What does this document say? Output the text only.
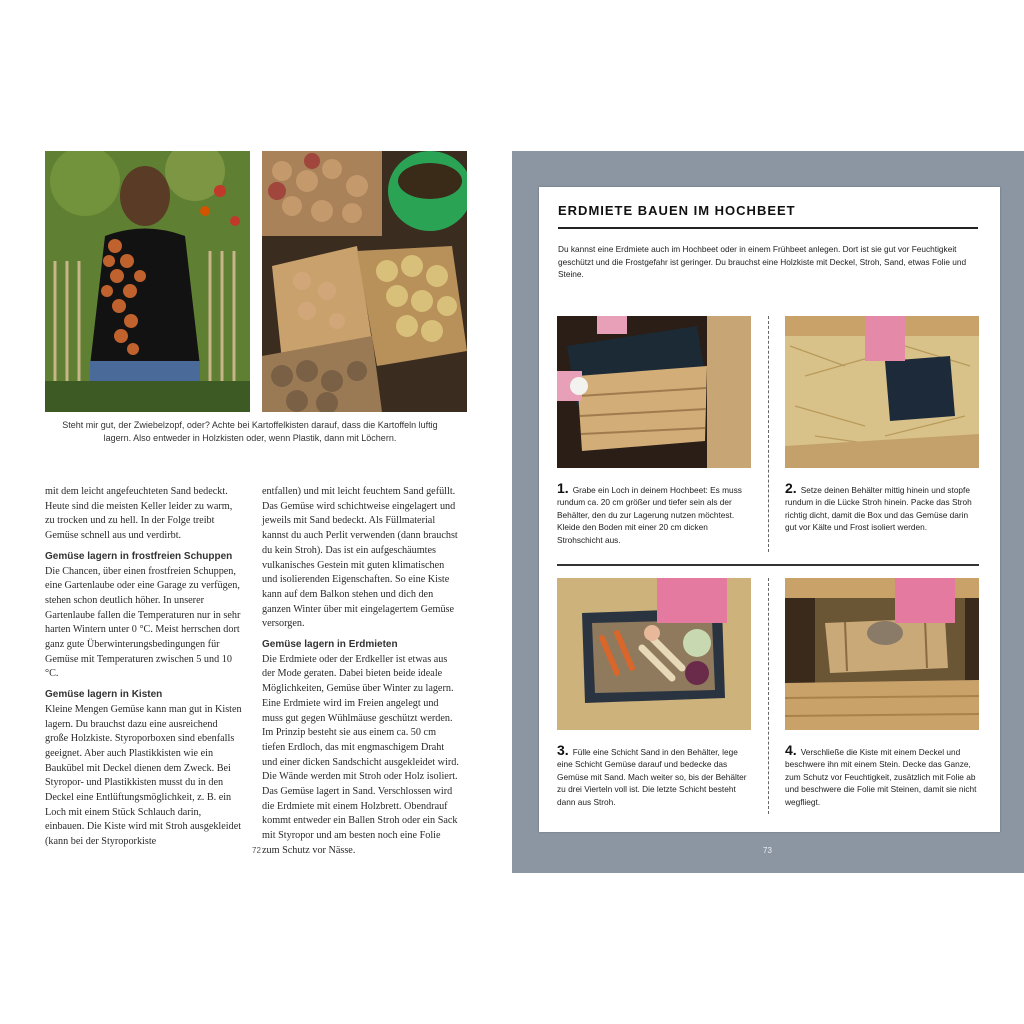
Steht mir gut, der Zwiebelzopf, oder? Achte bei Kartoffelkisten darauf, dass die Kartoffeln luftig lagern. Also entweder in Holzkisten oder, wenn Plastik, dann mit Löchern.

mit dem leicht angefeuchteten Sand bedeckt. Heute sind die meisten Keller leider zu warm, zu trocken und zu hell. In der Folge treibt Gemüse schnell aus und verdirbt.

Gemüse lagern in frostfreien Schuppen

Die Chancen, über einen frostfreien Schuppen, eine Gartenlaube oder eine Garage zu verfügen, stehen schon deutlich höher. In unserer Gartenlaube fallen die Temperaturen nur in sehr harten Wintern unter 0 °C. Meist herrschen dort ganz gute Überwinterungsbedingungen für Gemüse mit Temperaturen zwischen 5 und 10 °C.

Gemüse lagern in Kisten

Kleine Mengen Gemüse kann man gut in Kisten lagern. Du brauchst dazu eine ausreichend große Holzkiste. Styroporboxen sind ebenfalls geeignet. Aber auch Plastikkisten wie ein Baukübel mit Deckel dienen dem Zweck. Bei Styropor- und Plastikkisten musst du in den Deckel eine Entlüftungsmöglichkeit, z. B. ein Loch mit einem Stück Schlauch darin, einbauen. Die Kiste wird mit Stroh ausgekleidet (kann bei der Styroporkiste

entfallen) und mit leicht feuchtem Sand gefüllt. Das Gemüse wird schichtweise eingelagert und jeweils mit Sand bedeckt. Als Füllmaterial kannst du auch Perlit verwenden (dann brauchst du kein Stroh). Das ist ein aufgeschäumtes vulkanisches Gestein mit guten klimatischen und isolierenden Eigenschaften. So eine Kiste kann auf dem Balkon stehen und dich den ganzen Winter über mit eingelagertem Gemüse versorgen.

Gemüse lagern in Erdmieten

Die Erdmiete oder der Erdkeller ist etwas aus der Mode geraten. Dabei bieten beide ideale Möglichkeiten, Gemüse über Winter zu lagern. Eine Erdmiete wird im Freien angelegt und muss gut gegen Wühlmäuse geschützt werden. Im Prinzip besteht sie aus einem ca. 50 cm tiefen Erdloch, das mit engmaschigem Draht und einer dicken Sandschicht ausgekleidet wird. Die Wände werden mit Stroh oder Holz isoliert. Das Gemüse lagert in Sand. Verschlossen wird die Erdmiete mit einem Holzbrett. Obendrauf kommt entweder ein Ballen Stroh oder ein Sack mit Styropor und am besten noch eine Folie zum Schutz vor Nässe.

72
ERDMIETE BAUEN IM HOCHBEET
Du kannst eine Erdmiete auch im Hochbeet oder in einem Frühbeet anlegen. Dort ist sie gut vor Feuchtigkeit geschützt und die Frostgefahr ist geringer. Du brauchst eine Holzkiste mit Deckel, Stroh, Sand, etwas Folie und Steine.
1. Grabe ein Loch in deinem Hochbeet: Es muss rundum ca. 20 cm größer und tiefer sein als der Behälter, den du zur Lagerung nutzen möchtest. Kleide den Boden mit einer 20 cm dicken Strohschicht aus.
2. Setze deinen Behälter mittig hinein und stopfe rundum in die Lücke Stroh hinein. Packe das Stroh richtig dicht, damit die Box und das Gemüse darin gut vor Kälte und Frost isoliert werden.
3. Fülle eine Schicht Sand in den Behälter, lege eine Schicht Gemüse darauf und bedecke das Gemüse mit Sand. Mach weiter so, bis der Behälter zu drei Vierteln voll ist. Die letzte Schicht besteht dann aus Stroh.
4. Verschließe die Kiste mit einem Deckel und beschwere ihn mit einem Stein. Decke das Ganze, zum Schutz vor Feuchtigkeit, zusätzlich mit Folie ab und beschwere die Folie mit Steinen, damit sie nicht wegfliegt.
73
